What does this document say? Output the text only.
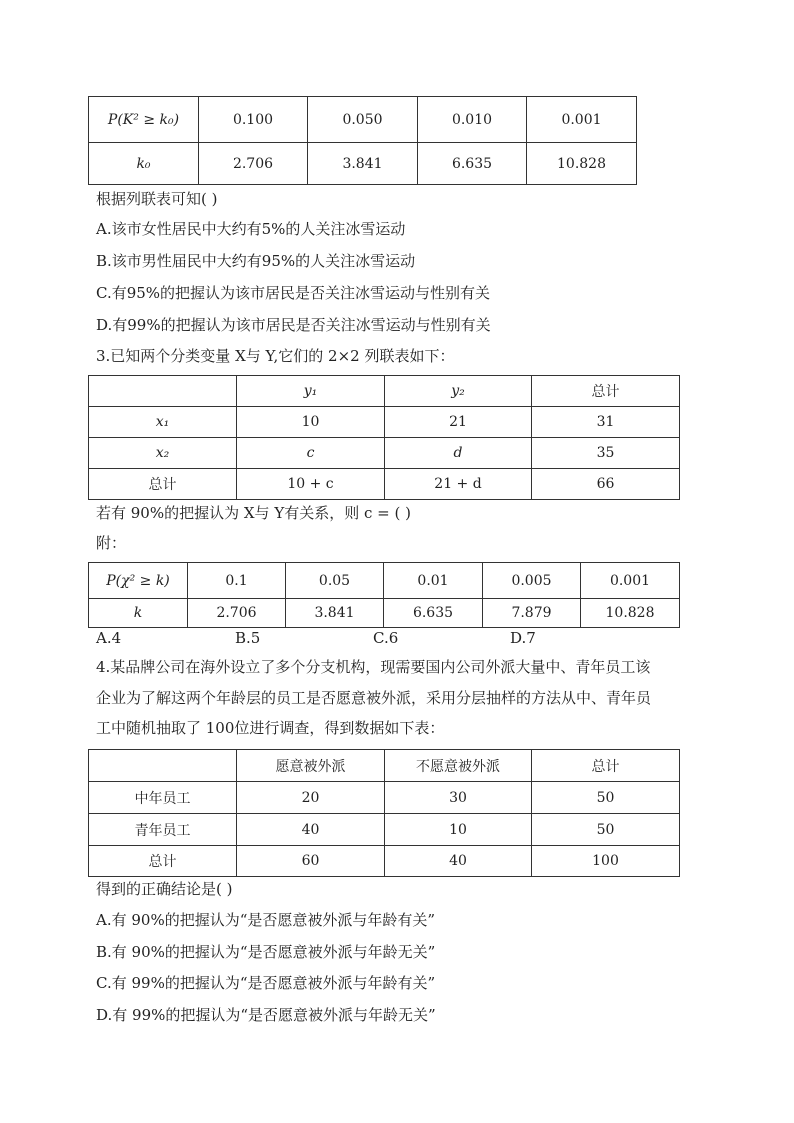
P(K² ≥ k₀)	0.100	0.050	0.010	0.001
k₀	2.706	3.841	6.635	10.828
根据列联表可知( )
A.该市女性居民中大约有5%的人关注冰雪运动
B.该市男性届民中大约有95%的人关注冰雪运动
C.有95%的把握认为该市居民是否关注冰雪运动与性别有关
D.有99%的把握认为该市居民是否关注冰雪运动与性别有关
3.已知两个分类变量 X与 Y,它们的 2×2 列联表如下：
	y₁	y₂	总计
x₁	10	21	31
x₂	c	d	35
总计	10 + c	21 + d	66
若有 90%的把握认为 X与 Y有关系，则 c = ( )
附：
P(χ² ≥ k)	0.1	0.05	0.01	0.005	0.001
k	2.706	3.841	6.635	7.879	10.828
A.4	B.5	C.6	D.7
4.某品牌公司在海外设立了多个分支机构，现需要国内公司外派大量中、青年员工该
企业为了解这两个年龄层的员工是否愿意被外派，采用分层抽样的方法从中、青年员
工中随机抽取了 100位进行调查，得到数据如下表：
	愿意被外派	不愿意被外派	总计
中年员工	20	30	50
青年员工	40	10	50
总计	60	40	100
得到的正确结论是( )
A.有 90%的把握认为“是否愿意被外派与年龄有关”
B.有 90%的把握认为“是否愿意被外派与年龄无关”
C.有 99%的把握认为“是否愿意被外派与年龄有关”
D.有 99%的把握认为“是否愿意被外派与年龄无关”
